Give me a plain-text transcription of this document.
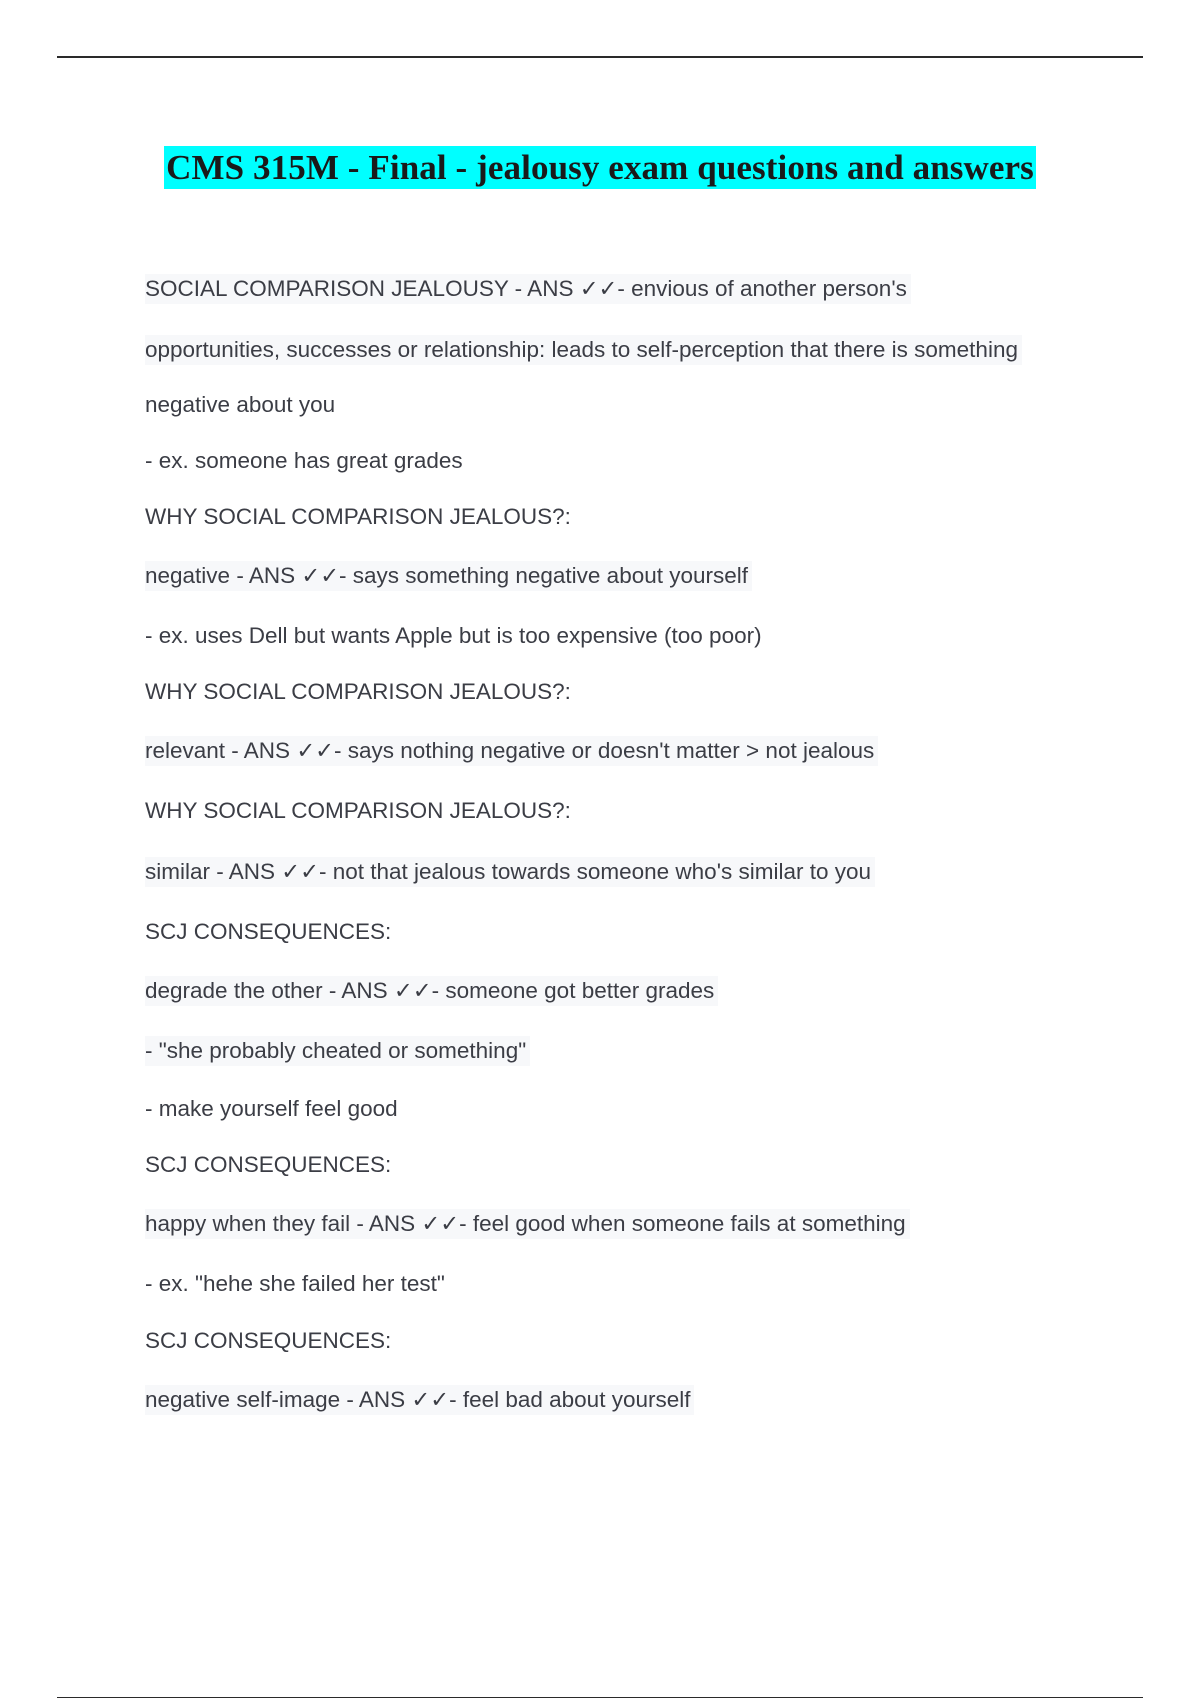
CMS 315M - Final - jealousy exam questions and answers
SOCIAL COMPARISON JEALOUSY - ANS ✓✓- envious of another person's
opportunities, successes or relationship: leads to self-perception that there is something
negative about you
- ex. someone has great grades
WHY SOCIAL COMPARISON JEALOUS?:
negative - ANS ✓✓- says something negative about yourself
- ex. uses Dell but wants Apple but is too expensive (too poor)
WHY SOCIAL COMPARISON JEALOUS?:
relevant - ANS ✓✓- says nothing negative or doesn't matter > not jealous
WHY SOCIAL COMPARISON JEALOUS?:
similar - ANS ✓✓- not that jealous towards someone who's similar to you
SCJ CONSEQUENCES:
degrade the other - ANS ✓✓- someone got better grades
- "she probably cheated or something"
- make yourself feel good
SCJ CONSEQUENCES:
happy when they fail - ANS ✓✓- feel good when someone fails at something
- ex. "hehe she failed her test"
SCJ CONSEQUENCES:
negative self-image - ANS ✓✓- feel bad about yourself
